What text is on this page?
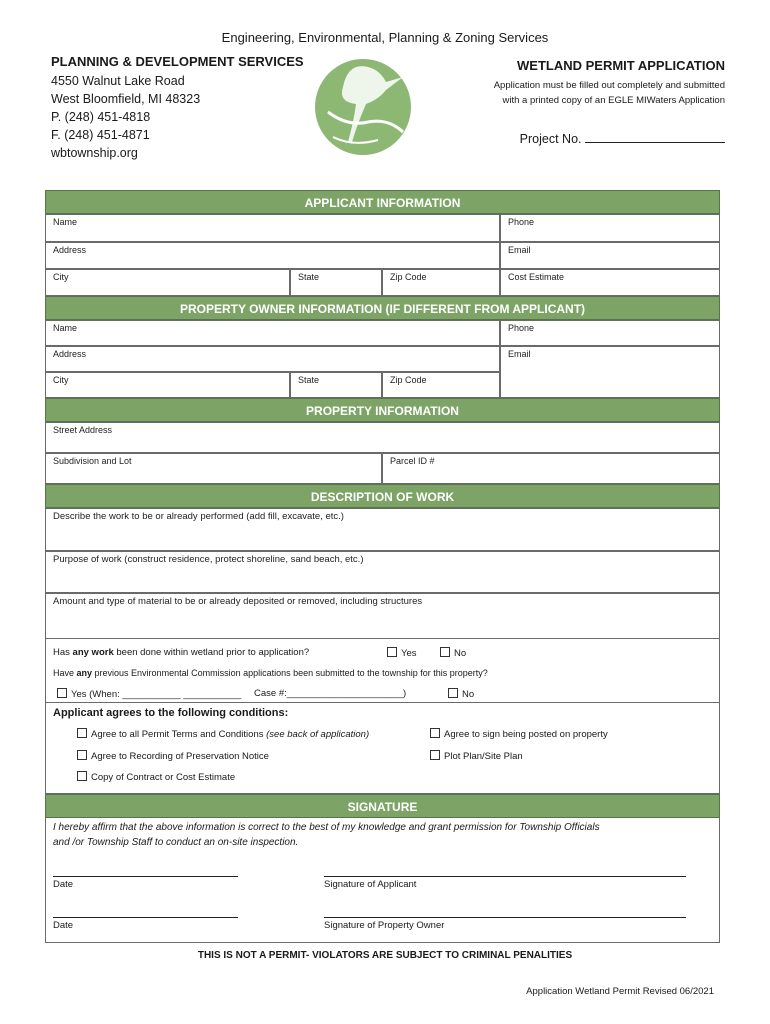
Engineering, Environmental, Planning & Zoning Services
PLANNING & DEVELOPMENT SERVICES
4550 Walnut Lake Road
West Bloomfield, MI 48323
P. (248) 451-4818
F. (248) 451-4871
wbtownship.org
WETLAND PERMIT APPLICATION
Application must be filled out completely and submitted
with a printed copy of an EGLE MIWaters Application
Project No.
APPLICANT INFORMATION
Name	Phone
Address	Email
City	State	Zip Code	Cost Estimate
PROPERTY OWNER INFORMATION (IF DIFFERENT FROM APPLICANT)
Name	Phone
Address	Email
City	State	Zip Code
PROPERTY INFORMATION
Street Address
Subdivision and Lot	Parcel ID #
DESCRIPTION OF WORK
Describe the work to be or already performed (add fill, excavate, etc.)
Purpose of work (construct residence, protect shoreline, sand beach, etc.)
Amount and type of material to be or already deposited or removed, including structures
Has any work been done within wetland prior to application?	Yes	No
Have any previous Environmental Commission applications been submitted to the township for this property?
Yes (When: ___________ ___________ Case #:______________________)	No
Applicant agrees to the following conditions:
Agree to all Permit Terms and Conditions (see back of application)	Agree to sign being posted on property
Agree to Recording of Preservation Notice	Plot Plan/Site Plan
Copy of Contract or Cost Estimate
SIGNATURE
I hereby affirm that the above information is correct to the best of my knowledge and grant permission for Township Officials
and /or Township Staff to conduct an on-site inspection.
Date	Signature of Applicant
Date	Signature of Property Owner
THIS IS NOT A PERMIT- VIOLATORS ARE SUBJECT TO CRIMINAL PENALITIES
Application Wetland Permit Revised 06/2021
